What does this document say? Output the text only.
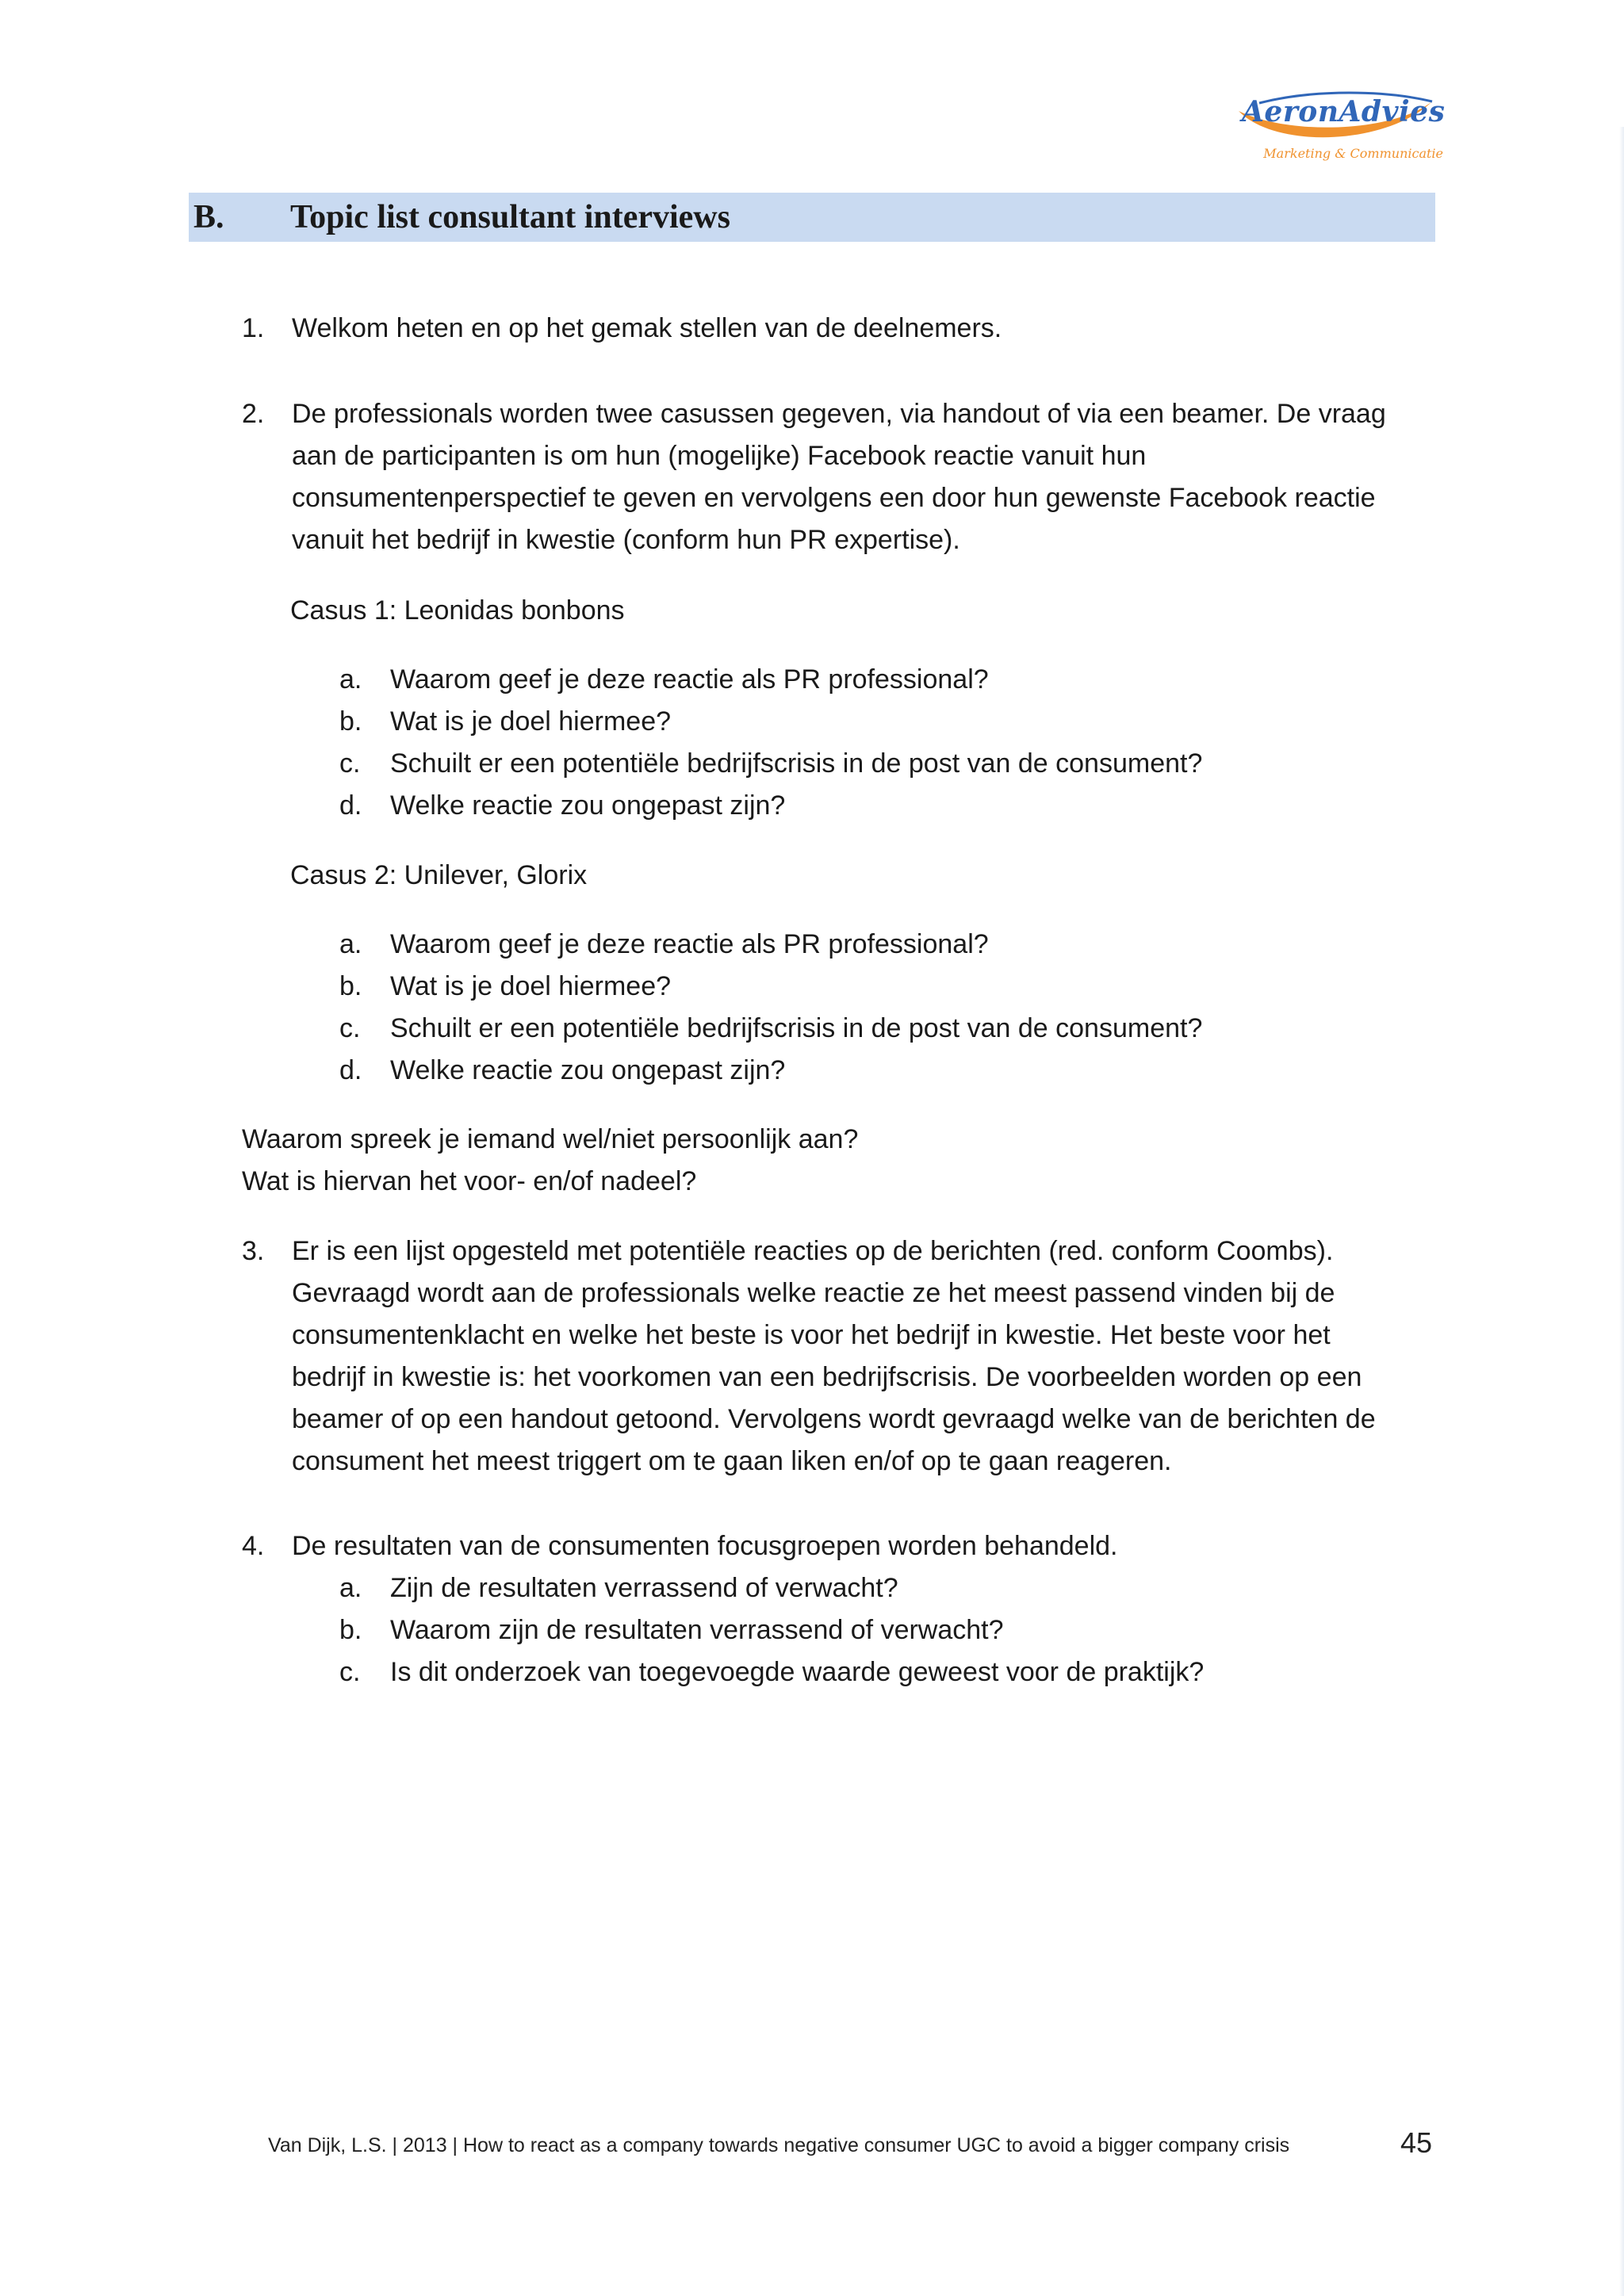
AeronAdvies
Marketing & Communicatie
B. Topic list consultant interviews
1. Welkom heten en op het gemak stellen van de deelnemers.
2. De professionals worden twee casussen gegeven, via handout of via een beamer. De vraag
aan de participanten is om hun (mogelijke) Facebook reactie vanuit hun
consumentenperspectief te geven en vervolgens een door hun gewenste Facebook reactie
vanuit het bedrijf in kwestie (conform hun PR expertise).
Casus 1: Leonidas bonbons
a. Waarom geef je deze reactie als PR professional?
b. Wat is je doel hiermee?
c. Schuilt er een potentiële bedrijfscrisis in de post van de consument?
d. Welke reactie zou ongepast zijn?
Casus 2: Unilever, Glorix
a. Waarom geef je deze reactie als PR professional?
b. Wat is je doel hiermee?
c. Schuilt er een potentiële bedrijfscrisis in de post van de consument?
d. Welke reactie zou ongepast zijn?
Waarom spreek je iemand wel/niet persoonlijk aan?
Wat is hiervan het voor- en/of nadeel?
3. Er is een lijst opgesteld met potentiële reacties op de berichten (red. conform Coombs).
Gevraagd wordt aan de professionals welke reactie ze het meest passend vinden bij de
consumentenklacht en welke het beste is voor het bedrijf in kwestie. Het beste voor het
bedrijf in kwestie is: het voorkomen van een bedrijfscrisis. De voorbeelden worden op een
beamer of op een handout getoond. Vervolgens wordt gevraagd welke van de berichten de
consument het meest triggert om te gaan liken en/of op te gaan reageren.
4. De resultaten van de consumenten focusgroepen worden behandeld.
a. Zijn de resultaten verrassend of verwacht?
b. Waarom zijn de resultaten verrassend of verwacht?
c. Is dit onderzoek van toegevoegde waarde geweest voor de praktijk?
Van Dijk, L.S. | 2013 | How to react as a company towards negative consumer UGC to avoid a bigger company crisis	45
